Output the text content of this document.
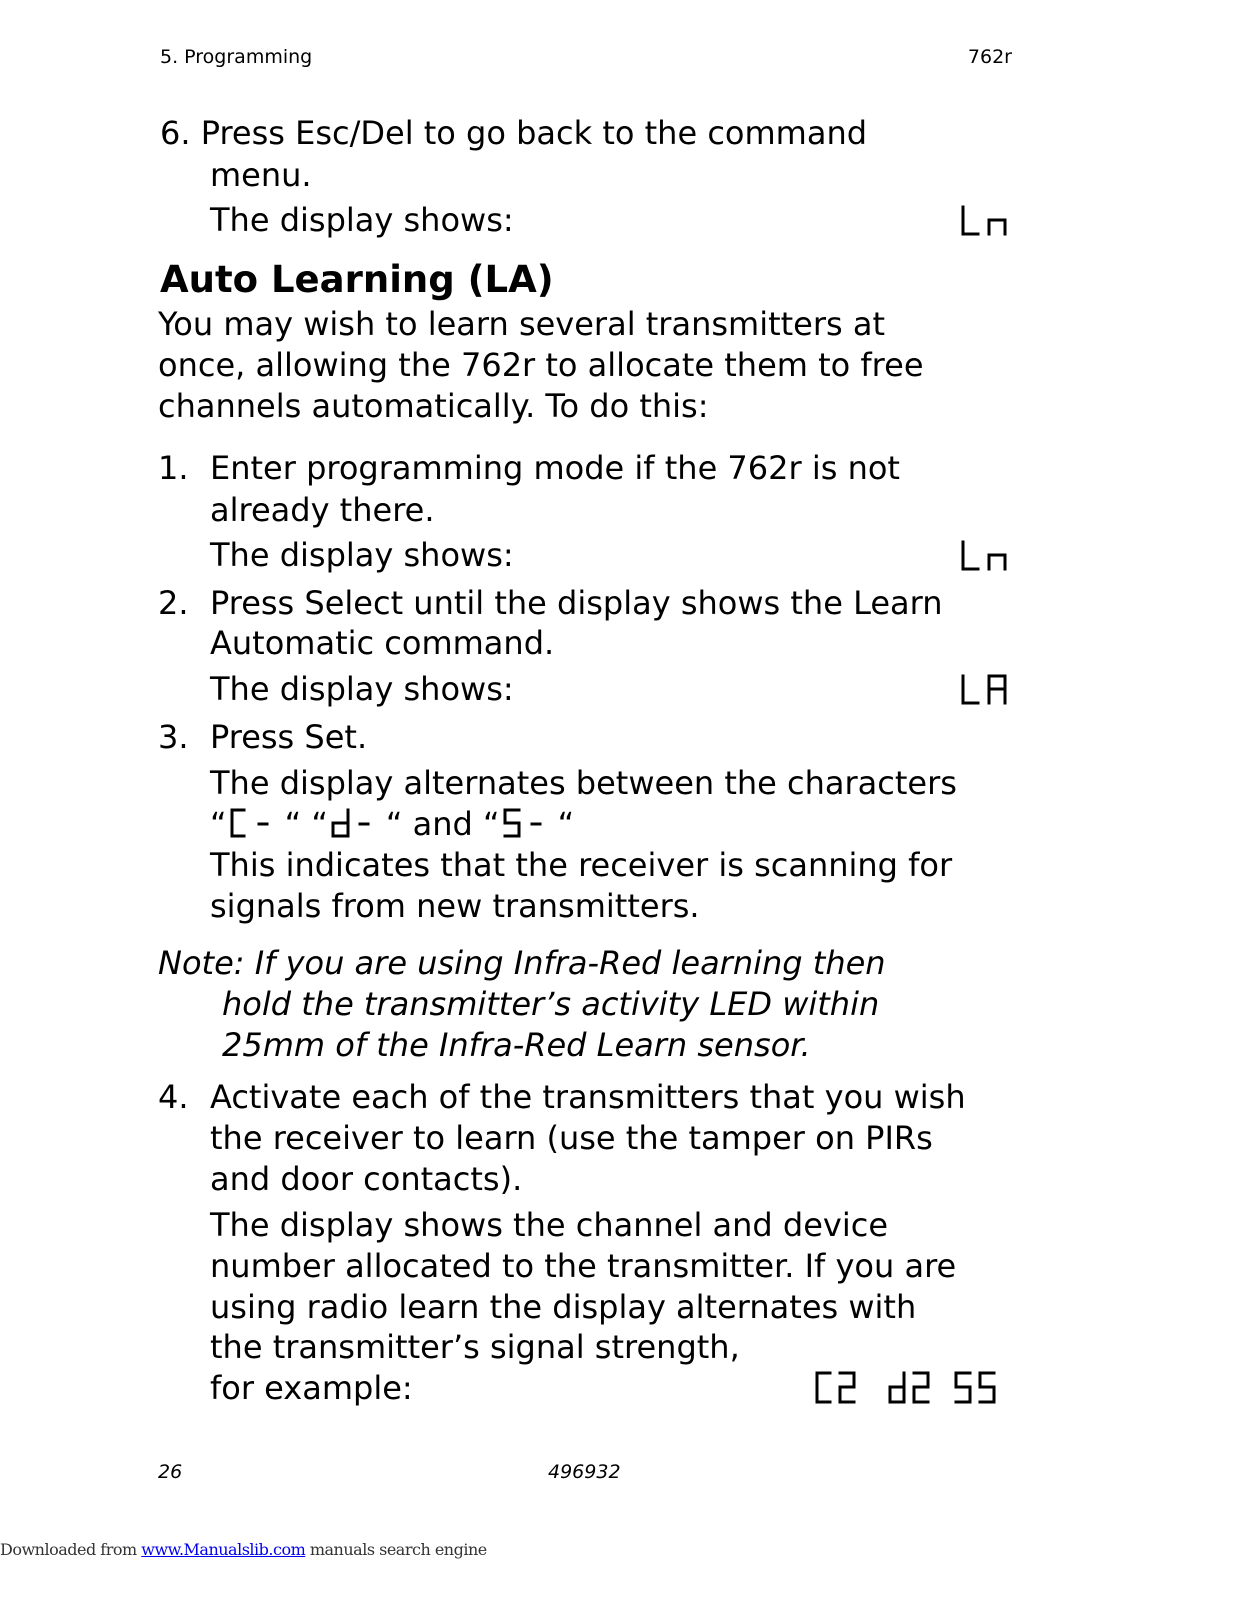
5. Programming	762r
6. Press Esc/Del to go back to the command
menu.
The display shows:
Auto Learning (LA)
You may wish to learn several transmitters at
once, allowing the 762r to allocate them to free
channels automatically. To do this:
1. Enter programming mode if the 762r is not
already there.
The display shows:
2. Press Select until the display shows the Learn
Automatic command.
The display shows:
3. Press Set.
The display alternates between the characters
“ “ “ “ and “ “
This indicates that the receiver is scanning for
signals from new transmitters.
Note: If you are using Infra-Red learning then
hold the transmitter’s activity LED within
25mm of the Infra-Red Learn sensor.
4. Activate each of the transmitters that you wish
the receiver to learn (use the tamper on PIRs
and door contacts).
The display shows the channel and device
number allocated to the transmitter. If you are
using radio learn the display alternates with
the transmitter’s signal strength,
for example:
26	496932
Downloaded from www.Manualslib.com manuals search engine
